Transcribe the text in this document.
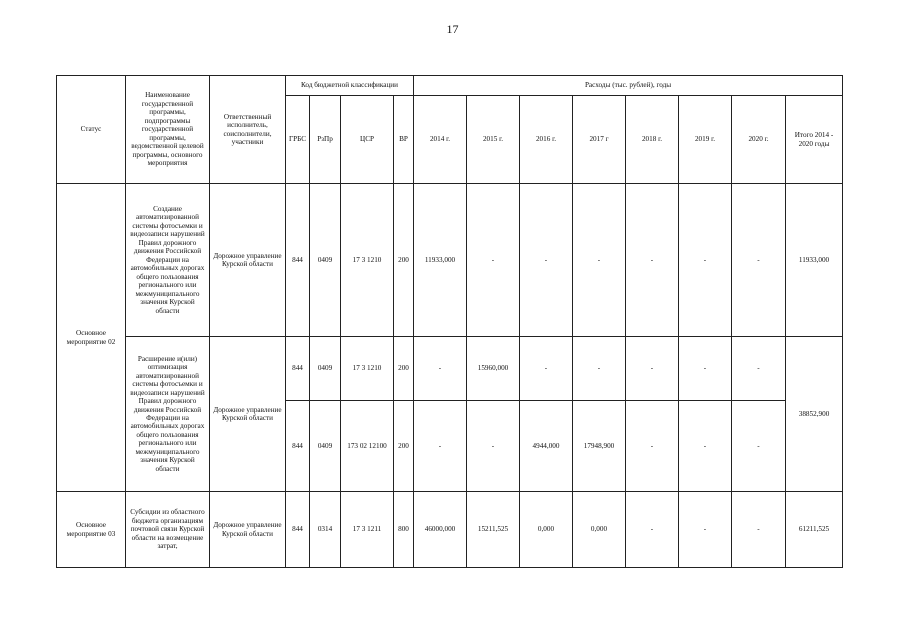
17
Статус	Наименование государственной программы, подпрограммы государственной программы, ведомственной целевой программы, основного мероприятия	Ответственный исполнитель, соисполнители, участники	Код бюджетной классификации				Расходы (тыс. рублей), годы							
			ГРБС	РзПр	ЦСР	ВР	2014 г.	2015 г.	2016 г.	2017 г	2018 г.	2019 г.	2020 г.	Итого 2014 - 2020 годы
Основное мероприятие 02	Создание автоматизированной системы фотосъемки и видеозаписи нарушений Правил дорожного движения Российской Федерации на автомобильных дорогах общего пользования регионального или межмуниципального значения Курской области	Дорожное управление Курской области	844	0409	17 3 1210	200	11933,000	-	-	-	-	-	-	11933,000
	Расширение и(или) оптимизация автоматизированной системы фотосъемки и видеозаписи нарушений Правил дорожного движения Российской Федерации на автомобильных дорогах общего пользования регионального или межмуниципального значения Курской области	Дорожное управление Курской области	844	0409	17 3 1210	200	-	15960,000	-	-	-	-	-	38852,900
			844	0409	173 02 12100	200	-	-	4944,000	17948,900	-	-	-	
Основное мероприятие 03	Субсидии из областного бюджета организациям почтовой связи Курской области на возмещение затрат,	Дорожное управление Курской области	844	0314	17 3 1211	800	46000,000	15211,525	0,000	0,000	-	-	-	61211,525
